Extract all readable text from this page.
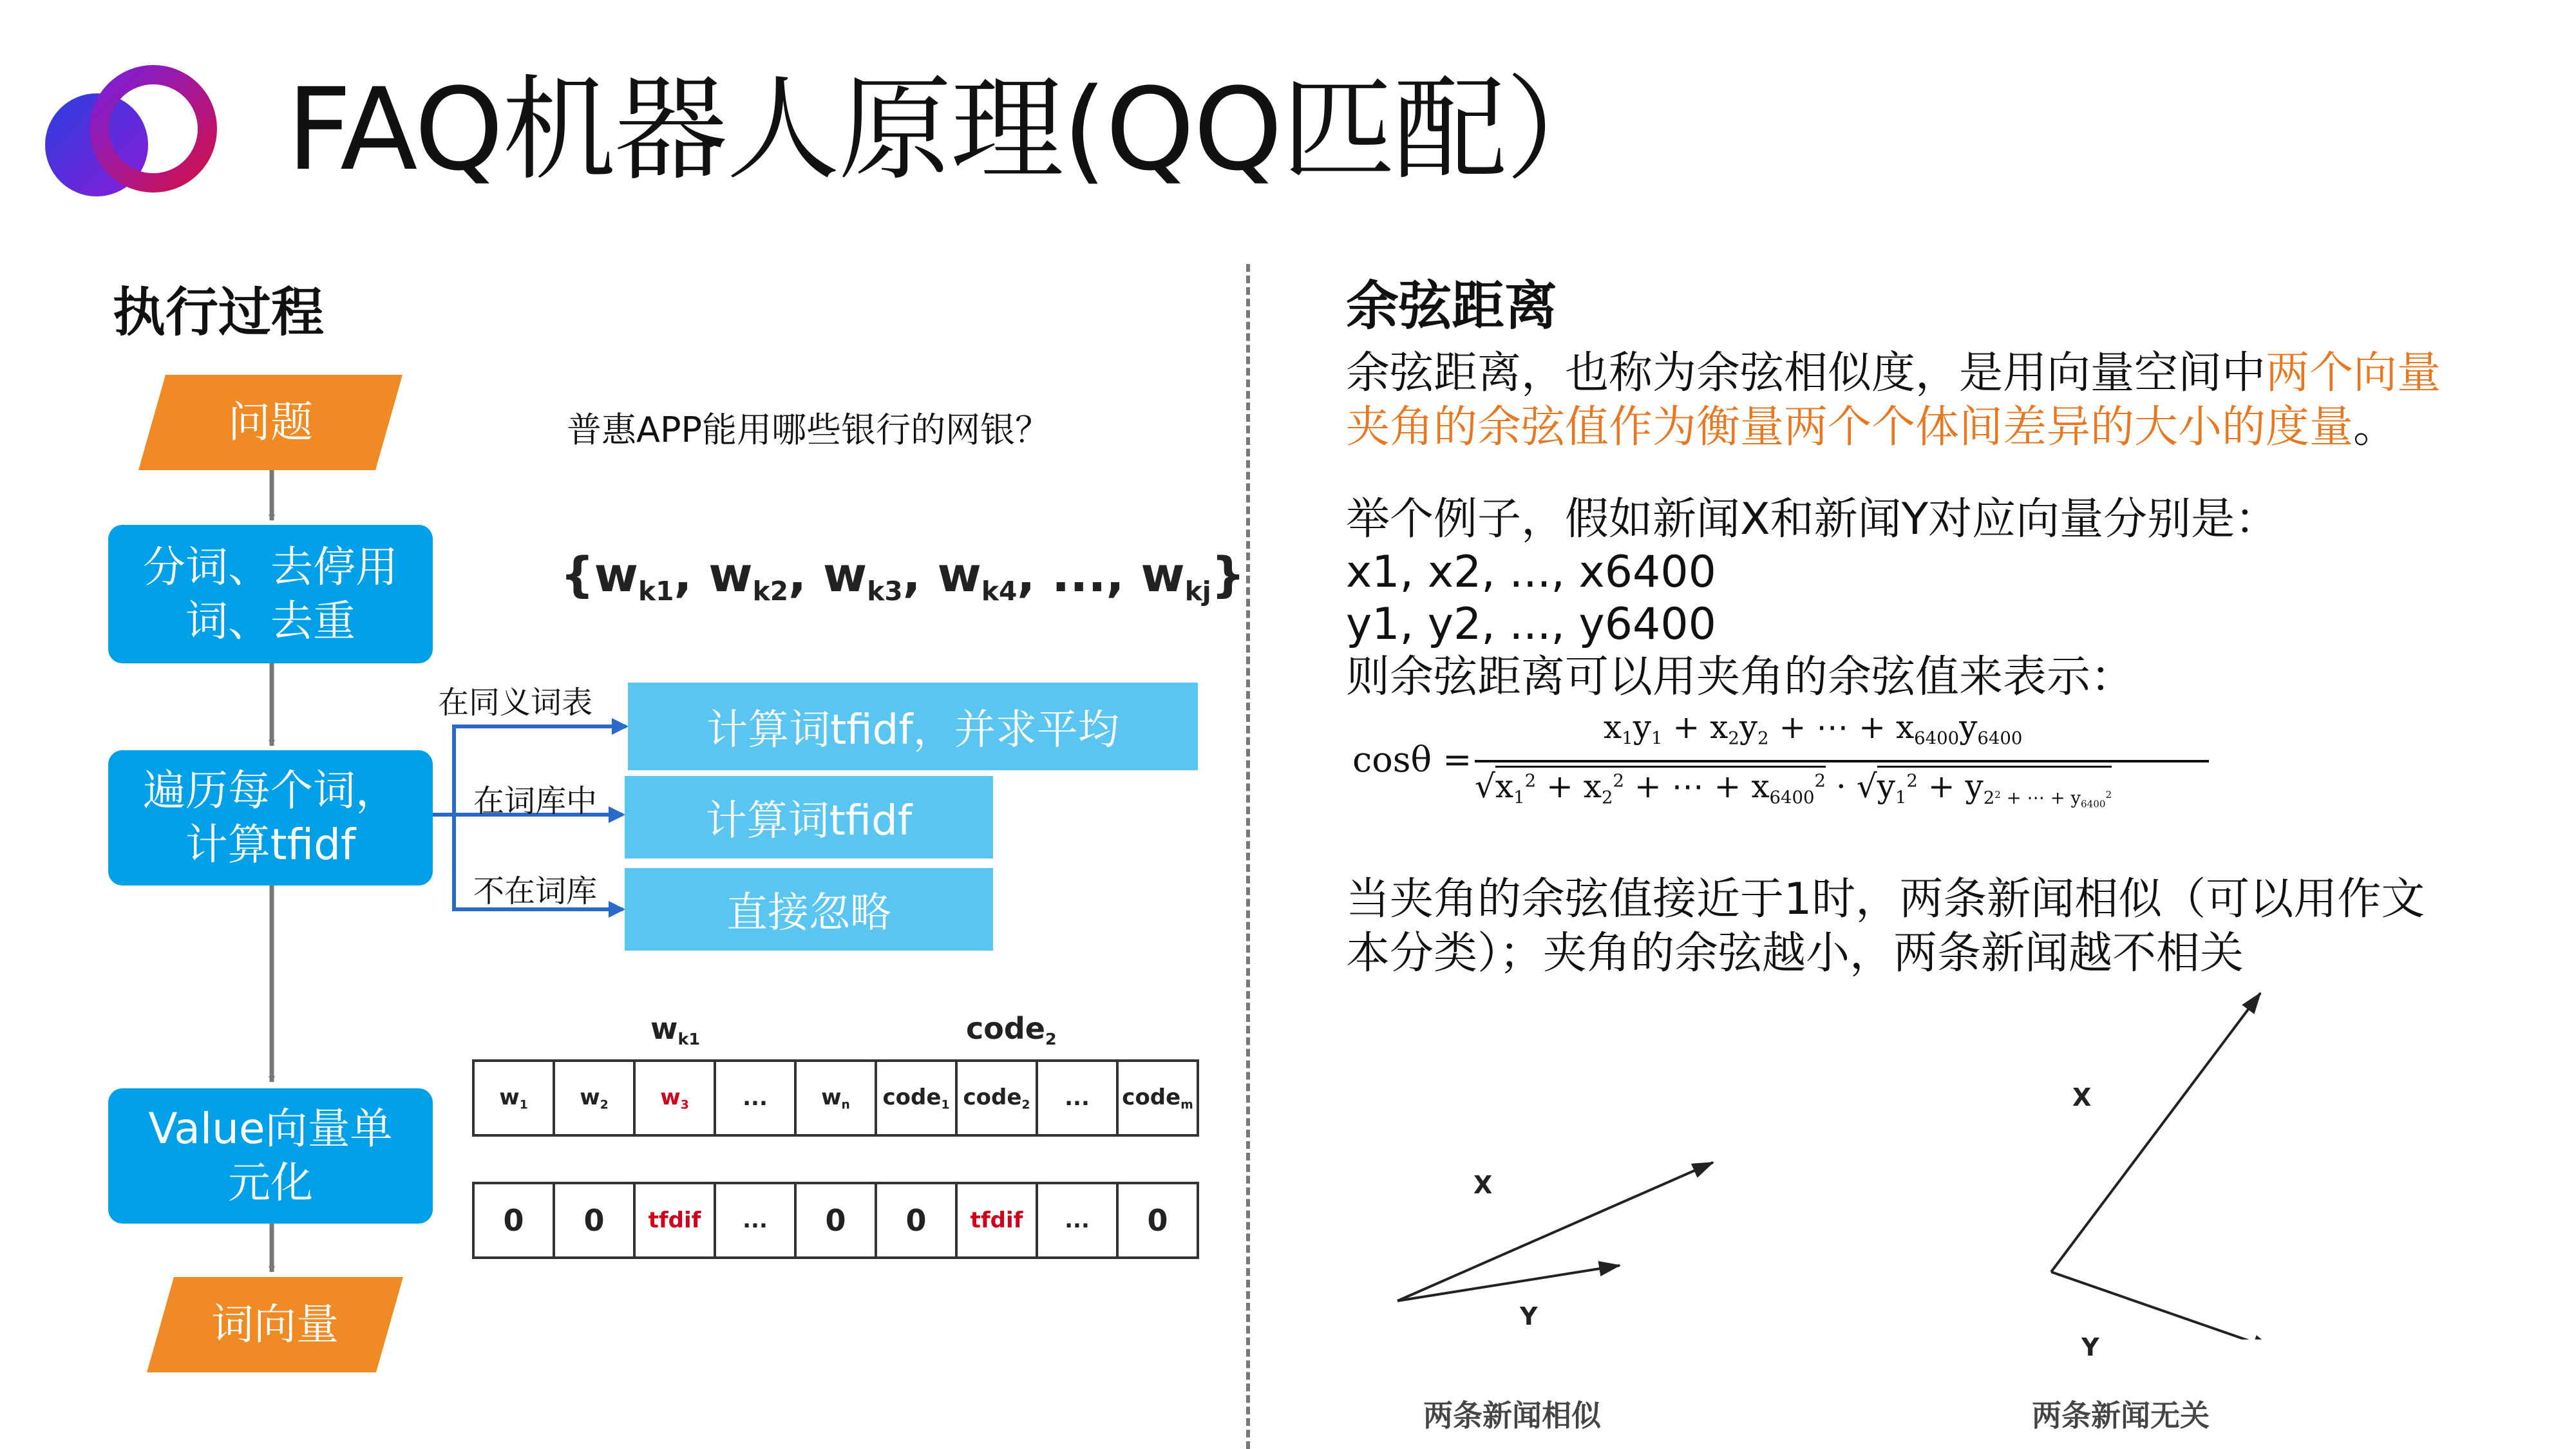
FAQ机器人原理(QQ匹配）
执行过程
问题
分词、去停用词、去重
遍历每个词，计算tfidf
Value向量单元化
词向量
普惠APP能用哪些银行的网银？
{$w_{k1}$, $w_{k2}$, $w_{k3}$, $w_{k4}$, ..., $w_{kj}$}
在同义词表
在词库中
不在词库
计算词tfidf，并求平均
计算词tfidf
直接忽略
$w_{k1}$	code$_2$
$w_1$	$w_2$	$w_3$	...	$w_n$	code$_1$	code$_2$	...	code$_m$
0	0	tfdif	...	0	0	tfdif	...	0
余弦距离
余弦距离，也称为余弦相似度，是用向量空间中两个向量夹角的余弦值作为衡量两个个体间差异的大小的度量。
举个例子，假如新闻X和新闻Y对应向量分别是：
x1, x2, ..., x6400
y1, y2, ..., y6400
则余弦距离可以用夹角的余弦值来表示：
cosθ =
$x_1y_1 + x_2y_2$ + ⋯ + $x_{6400}y_{6400}$
$√x_1^2 + x_2^2$ + ⋯ + $x_{6400}^2 \cdot √y_1^2 + y_{2^2 + \cdots + y_{6400}^2}$
当夹角的余弦值接近于1时，两条新闻相似（可以用作文本分类）；夹角的余弦越小，两条新闻越不相关
X
Y
X
Y
两条新闻相似	两条新闻无关
